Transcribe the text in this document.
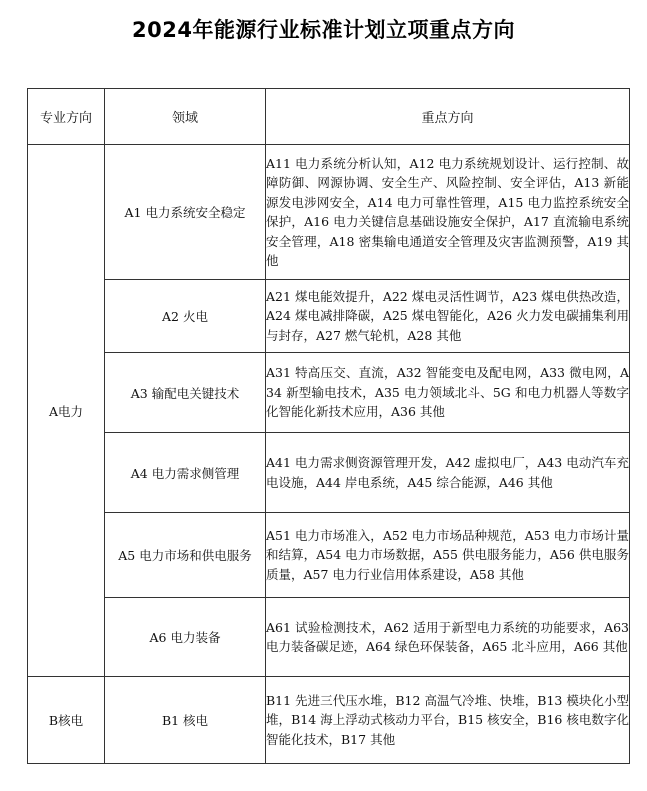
2024年能源行业标准计划立项重点方向
专业方向	领域	重点方向
A电力	A1 电力系统安全稳定	A11 电力系统分析认知，A12 电力系统规划设计、运行控制、故障防御、网源协调、安全生产、风险控制、安全评估，A13 新能源发电涉网安全，A14 电力可靠性管理，A15 电力监控系统安全保护，A16 电力关键信息基础设施安全保护，A17 直流输电系统安全管理，A18 密集输电通道安全管理及灾害监测预警，A19 其他
	A2 火电	A21 煤电能效提升，A22 煤电灵活性调节，A23 煤电供热改造，A24 煤电减排降碳，A25 煤电智能化，A26 火力发电碳捕集利用与封存，A27 燃气轮机，A28 其他
	A3 输配电关键技术	A31 特高压交、直流，A32 智能变电及配电网，A33 微电网，A34 新型输电技术，A35 电力领域北斗、5G 和电力机器人等数字化智能化新技术应用，A36 其他
	A4 电力需求侧管理	A41 电力需求侧资源管理开发，A42 虚拟电厂，A43 电动汽车充电设施，A44 岸电系统，A45 综合能源，A46 其他
	A5 电力市场和供电服务	A51 电力市场准入，A52 电力市场品种规范，A53 电力市场计量和结算，A54 电力市场数据，A55 供电服务能力，A56 供电服务质量，A57 电力行业信用体系建设，A58 其他
	A6 电力装备	A61 试验检测技术，A62 适用于新型电力系统的功能要求，A63 电力装备碳足迹，A64 绿色环保装备，A65 北斗应用，A66 其他
B核电	B1 核电	B11 先进三代压水堆，B12 高温气冷堆、快堆，B13 模块化小型堆，B14 海上浮动式核动力平台，B15 核安全，B16 核电数字化智能化技术，B17 其他
